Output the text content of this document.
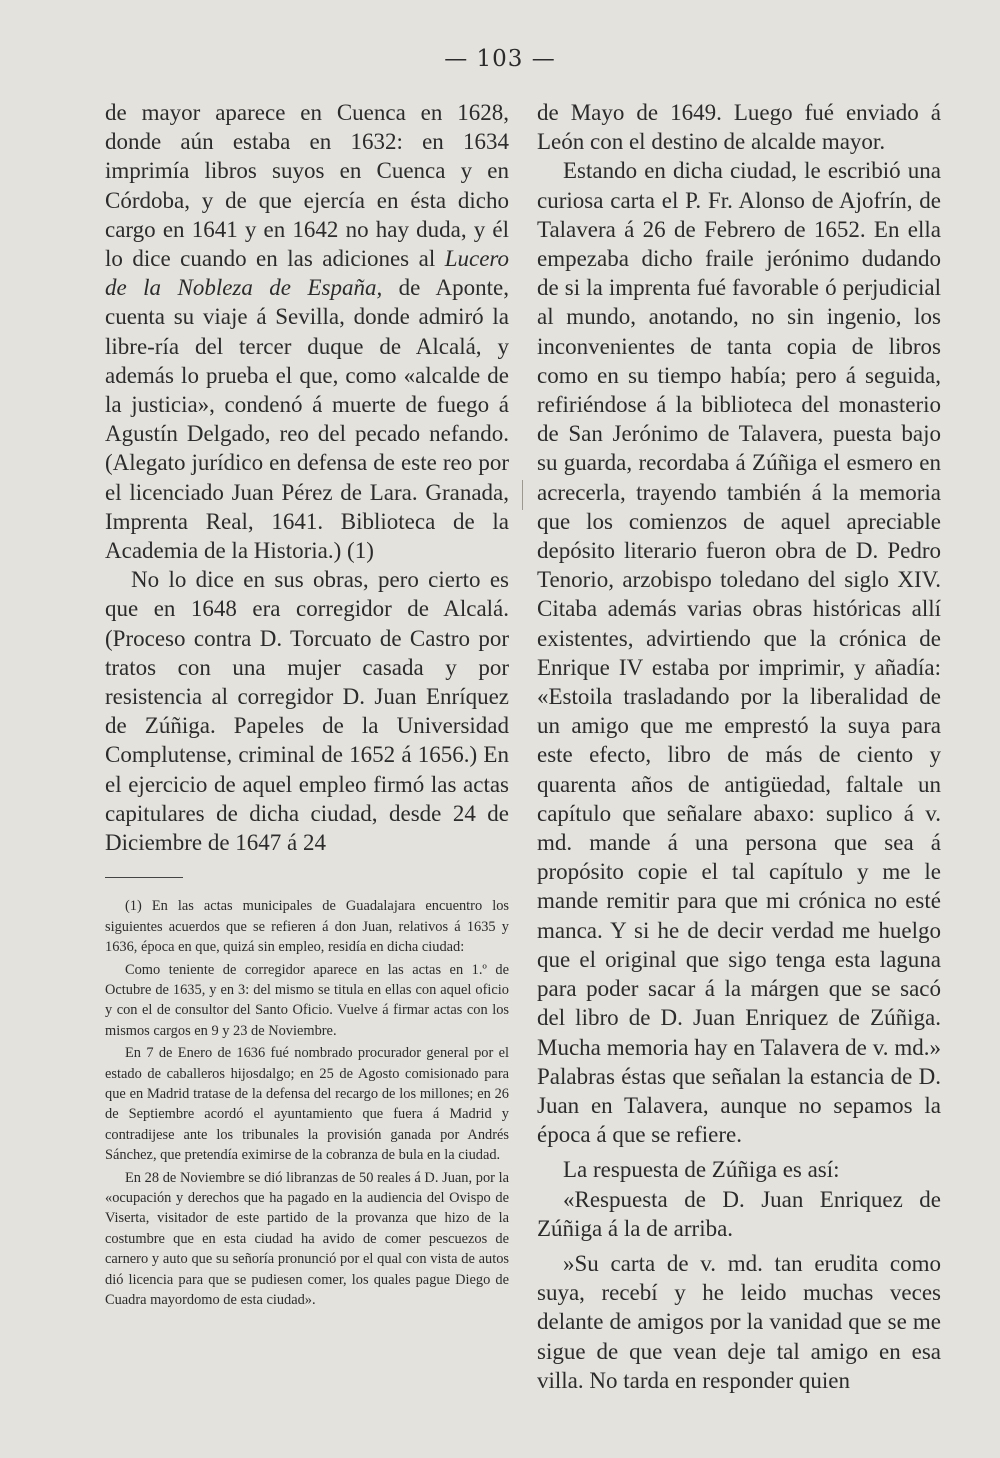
— 103 —

de mayor aparece en Cuenca en 1628, donde aún estaba en 1632: en 1634 imprimía libros suyos en Cuenca y en Córdoba, y de que ejercía en ésta dicho cargo en 1641 y en 1642 no hay duda, y él lo dice cuando en las adiciones al Lucero de la Nobleza de España, de Aponte, cuenta su viaje á Sevilla, donde admiró la libre-ría del tercer duque de Alcalá, y además lo prueba el que, como «alcalde de la justicia», condenó á muerte de fuego á Agustín Delgado, reo del pecado nefando. (Alegato jurídico en defensa de este reo por el licenciado Juan Pérez de Lara. Granada, Imprenta Real, 1641. Biblioteca de la Academia de la Historia.) (1)

No lo dice en sus obras, pero cierto es que en 1648 era corregidor de Alcalá. (Proceso contra D. Torcuato de Castro por tratos con una mujer casada y por resistencia al corregidor D. Juan Enríquez de Zúñiga. Papeles de la Universidad Complutense, criminal de 1652 á 1656.) En el ejercicio de aquel empleo firmó las actas capitulares de dicha ciudad, desde 24 de Diciembre de 1647 á 24

(1) En las actas municipales de Guadalajara encuentro los siguientes acuerdos que se refieren á don Juan, relativos á 1635 y 1636, época en que, quizá sin empleo, residía en dicha ciudad:

Como teniente de corregidor aparece en las actas en 1.º de Octubre de 1635, y en 3: del mismo se titula en ellas con aquel oficio y con el de consultor del Santo Oficio. Vuelve á firmar actas con los mismos cargos en 9 y 23 de Noviembre.

En 7 de Enero de 1636 fué nombrado procurador general por el estado de caballeros hijosdalgo; en 25 de Agosto comisionado para que en Madrid tratase de la defensa del recargo de los millones; en 26 de Septiembre acordó el ayuntamiento que fuera á Madrid y contradijese ante los tribunales la provisión ganada por Andrés Sánchez, que pretendía eximirse de la cobranza de bula en la ciudad.

En 28 de Noviembre se dió libranzas de 50 reales á D. Juan, por la «ocupación y derechos que ha pagado en la audiencia del Ovispo de Viserta, visitador de este partido de la provanza que hizo de la costumbre que en esta ciudad ha avido de comer pescuezos de carnero y auto que su señoría pronunció por el qual con vista de autos dió licencia para que se pudiesen comer, los quales pague Diego de Cuadra mayordomo de esta ciudad».

de Mayo de 1649. Luego fué enviado á León con el destino de alcalde mayor.

Estando en dicha ciudad, le escribió una curiosa carta el P. Fr. Alonso de Ajofrín, de Talavera á 26 de Febrero de 1652. En ella empezaba dicho fraile jerónimo dudando de si la imprenta fué favorable ó perjudicial al mundo, anotando, no sin ingenio, los inconvenientes de tanta copia de libros como en su tiempo había; pero á seguida, refiriéndose á la biblioteca del monasterio de San Jerónimo de Talavera, puesta bajo su guarda, recordaba á Zúñiga el esmero en acrecerla, trayendo también á la memoria que los comienzos de aquel apreciable depósito literario fueron obra de D. Pedro Tenorio, arzobispo toledano del siglo XIV. Citaba además varias obras históricas allí existentes, advirtiendo que la crónica de Enrique IV estaba por imprimir, y añadía: «Estoila trasladando por la liberalidad de un amigo que me emprestó la suya para este efecto, libro de más de ciento y quarenta años de antigüedad, faltale un capítulo que señalare abaxo: suplico á v. md. mande á una persona que sea á propósito copie el tal capítulo y me le mande remitir para que mi crónica no esté manca. Y si he de decir verdad me huelgo que el original que sigo tenga esta laguna para poder sacar á la márgen que se sacó del libro de D. Juan Enriquez de Zúñiga. Mucha memoria hay en Talavera de v. md.» Palabras éstas que señalan la estancia de D. Juan en Talavera, aunque no sepamos la época á que se refiere.

La respuesta de Zúñiga es así:

«Respuesta de D. Juan Enriquez de Zúñiga á la de arriba.

»Su carta de v. md. tan erudita como suya, recebí y he leido muchas veces delante de amigos por la vanidad que se me sigue de que vean deje tal amigo en esa villa. No tarda en responder quien
